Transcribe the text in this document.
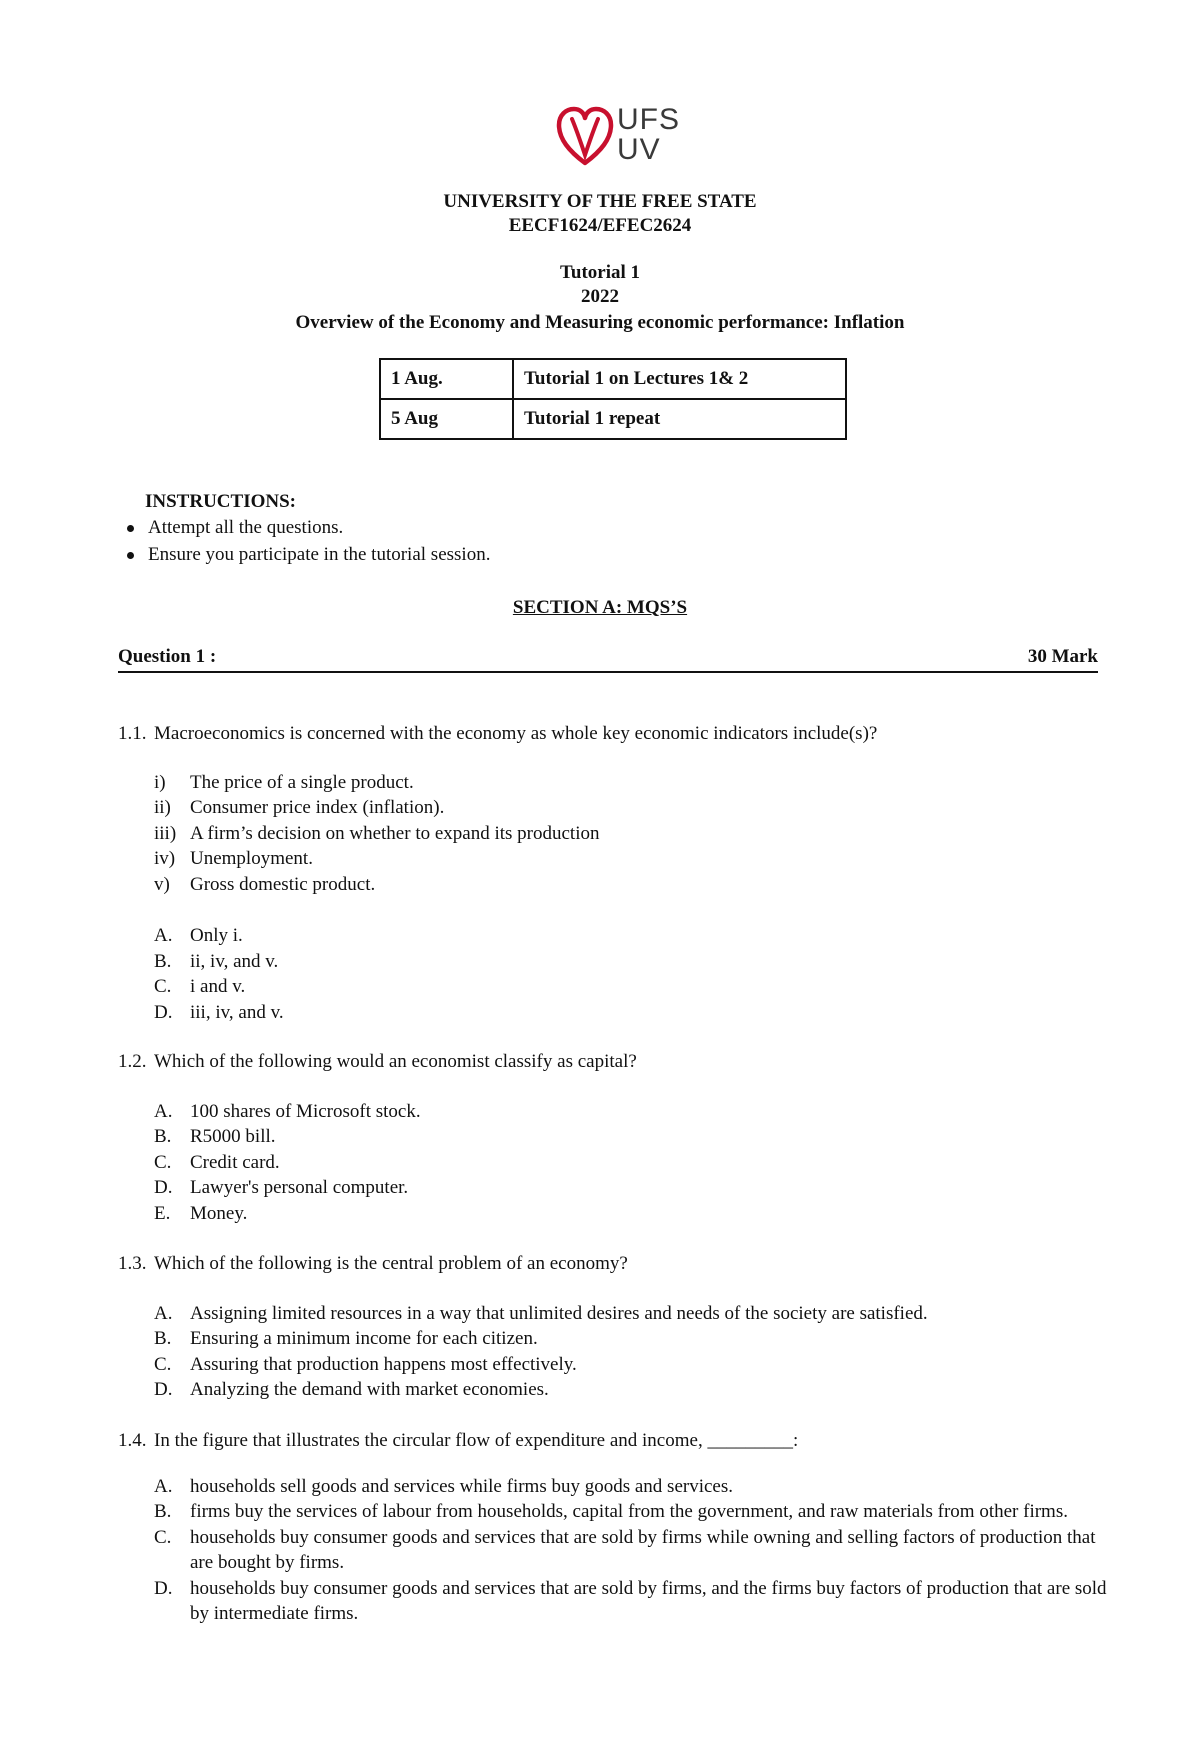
UFS
UV
UNIVERSITY OF THE FREE STATE
EECF1624/EFEC2624
Tutorial 1
2022
Overview of the Economy and Measuring economic performance: Inflation
1 Aug.	Tutorial 1 on Lectures 1& 2
5 Aug	Tutorial 1 repeat
INSTRUCTIONS:
Attempt all the questions.
Ensure you participate in the tutorial session.
SECTION A: MQS’S
Question 1 :	30 Mark
1.1. Macroeconomics is concerned with the economy as whole key economic indicators include(s)?
i) The price of a single product.
ii) Consumer price index (inflation).
iii) A firm’s decision on whether to expand its production
iv) Unemployment.
v) Gross domestic product.
A. Only i.
B. ii, iv, and v.
C. i and v.
D. iii, iv, and v.
1.2. Which of the following would an economist classify as capital?
A. 100 shares of Microsoft stock.
B. R5000 bill.
C. Credit card.
D. Lawyer's personal computer.
E. Money.
1.3. Which of the following is the central problem of an economy?
A. Assigning limited resources in a way that unlimited desires and needs of the society are satisfied.
B. Ensuring a minimum income for each citizen.
C. Assuring that production happens most effectively.
D. Analyzing the demand with market economies.
1.4. In the figure that illustrates the circular flow of expenditure and income, _________:
A. households sell goods and services while firms buy goods and services.
B. firms buy the services of labour from households, capital from the government, and raw materials from other firms.
C. households buy consumer goods and services that are sold by firms while owning and selling factors of production that are bought by firms.
D. households buy consumer goods and services that are sold by firms, and the firms buy factors of production that are sold by intermediate firms.
